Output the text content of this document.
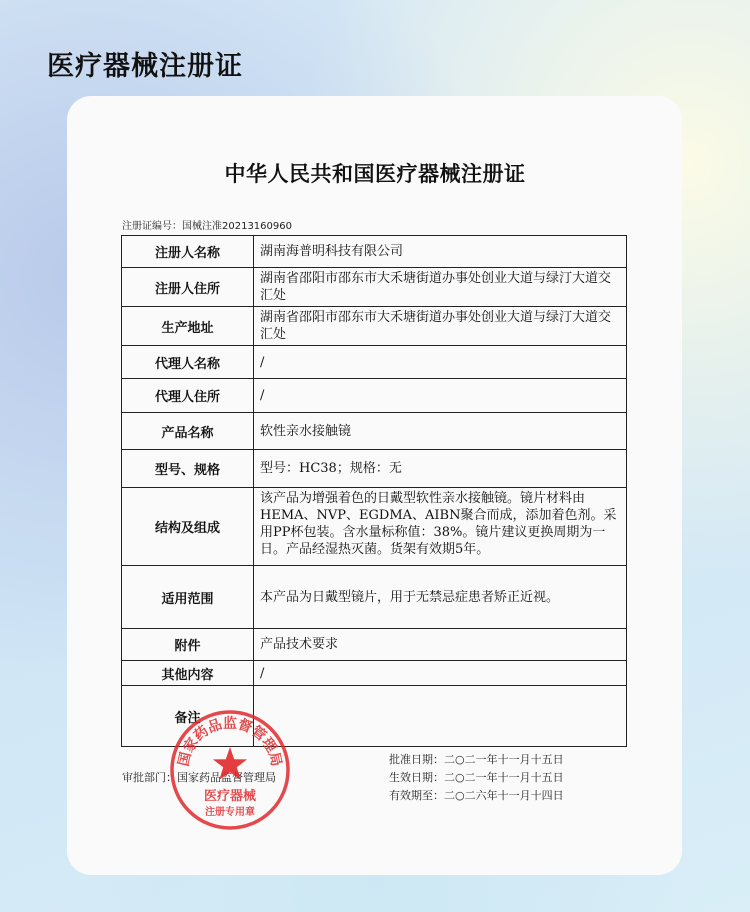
医疗器械注册证
中华人民共和国医疗器械注册证
注册证编号：国械注准20213160960
注册人名称	湖南海普明科技有限公司
注册人住所	湖南省邵阳市邵东市大禾塘街道办事处创业大道与绿汀大道交汇处
生产地址	湖南省邵阳市邵东市大禾塘街道办事处创业大道与绿汀大道交汇处
代理人名称	/
代理人住所	/
产品名称	软性亲水接触镜
型号、规格	型号：HC38；规格：无
结构及组成	该产品为增强着色的日戴型软性亲水接触镜。镜片材料由HEMA、NVP、EGDMA、AIBN聚合而成，添加着色剂。采用PP杯包装。含水量标称值：38%。镜片建议更换周期为一日。产品经湿热灭菌。货架有效期5年。
适用范围	本产品为日戴型镜片，用于无禁忌症患者矫正近视。
附件	产品技术要求
其他内容	/
备注	
审批部门：国家药品监督管理局
批准日期：二○二一年十一月十五日
生效日期：二○二一年十一月十五日
有效期至：二○二六年十一月十四日
国家药品监督管理局
医疗器械
注册专用章
